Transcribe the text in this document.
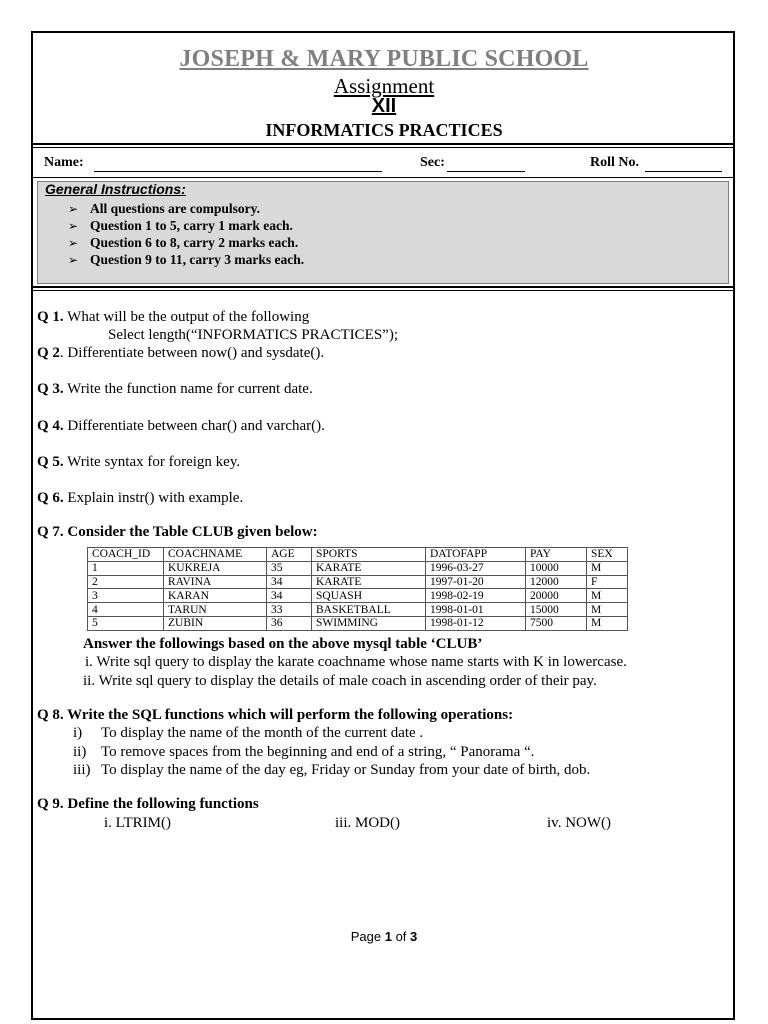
JOSEPH & MARY PUBLIC SCHOOL
Assignment
XII
INFORMATICS PRACTICES
Name:	Sec:	Roll No.
General Instructions:
➢ All questions are compulsory.
➢ Question 1 to 5, carry 1 mark each.
➢ Question 6 to 8, carry 2 marks each.
➢ Question 9 to 11, carry 3 marks each.
Q 1. What will be the output of the following
Select length(“INFORMATICS PRACTICES”);
Q 2. Differentiate between now() and sysdate().
Q 3. Write the function name for current date.
Q 4. Differentiate between char() and varchar().
Q 5. Write syntax for foreign key.
Q 6. Explain instr() with example.
Q 7. Consider the Table CLUB given below:
COACH_ID	COACHNAME	AGE	SPORTS	DATOFAPP	PAY	SEX
1	KUKREJA	35	KARATE	1996-03-27	10000	M
2	RAVINA	34	KARATE	1997-01-20	12000	F
3	KARAN	34	SQUASH	1998-02-19	20000	M
4	TARUN	33	BASKETBALL	1998-01-01	15000	M
5	ZUBIN	36	SWIMMING	1998-01-12	7500	M
Answer the followings based on the above mysql table ‘CLUB’
i. Write sql query to display the karate coachname whose name starts with K in lowercase.
ii. Write sql query to display the details of male coach in ascending order of their pay.
Q 8. Write the SQL functions which will perform the following operations:
i) To display the name of the month of the current date .
ii) To remove spaces from the beginning and end of a string, “ Panorama “.
iii) To display the name of the day eg, Friday or Sunday from your date of birth, dob.
Q 9. Define the following functions
i. LTRIM()	iii. MOD()	iv. NOW()
Page 1 of 3
